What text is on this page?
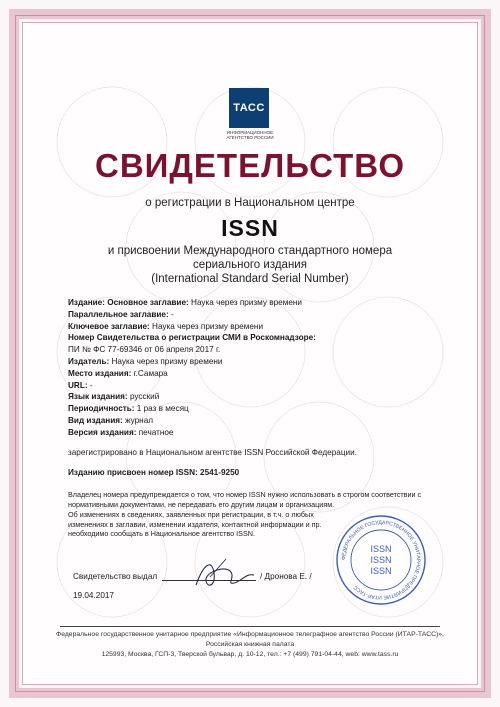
ТАСС
ИНФОРМАЦИОННОЕ АГЕНТСТВО РОССИИ
СВИДЕТЕЛЬСТВО
о регистрации в Национальном центре
ISSN
и присвоении Международного стандартного номера
сериального издания
(International Standard Serial Number)
Издание: Основное заглавие: Наука через призму времени
Параллельное заглавие: -
Ключевое заглавие: Наука через призму времени
Номер Свидетельства о регистрации СМИ в Роскомнадзоре:
ПИ № ФС 77-69346 от 06 апреля 2017 г.
Издатель: Наука через призму времени
Место издания: г.Самара
URL: -
Язык издания: русский
Периодичность: 1 раз в месяц
Вид издания: журнал
Версия издания: печатное
зарегистрировано в Национальном агентстве ISSN Российской Федерации.
Изданию присвоен номер ISSN: 2541-9250
Владелец номера предупреждается о том, что номер ISSN нужно использовать в строгом соответствии с нормативными документами, не передавать его другим лицам и организациям.
Об изменениях в сведениях, заявленных при регистрации, в т.ч. о любых изменениях в заглавии, изменении издателя, контактной информации и пр. необходимо сообщать в Национальное агентство ISSN.
Свидетельство выдал	/ Дронова Е. /
19.04.2017
ФЕДЕРАЛЬНОЕ ГОСУДАРСТВЕННОЕ УНИТАРНОЕ ПРЕДПРИЯТИЕ ИТАР-ТАСС
ISSN
ISSN
ISSN
Федеральное государственное унитарное предприятие «Информационное телеграфное агентство России (ИТАР-ТАСС)»,
Российская книжная палата
125993, Москва, ГСП-3, Тверской бульвар, д. 10-12, тел.: +7 (499) 791-04-44, web: www.tass.ru
